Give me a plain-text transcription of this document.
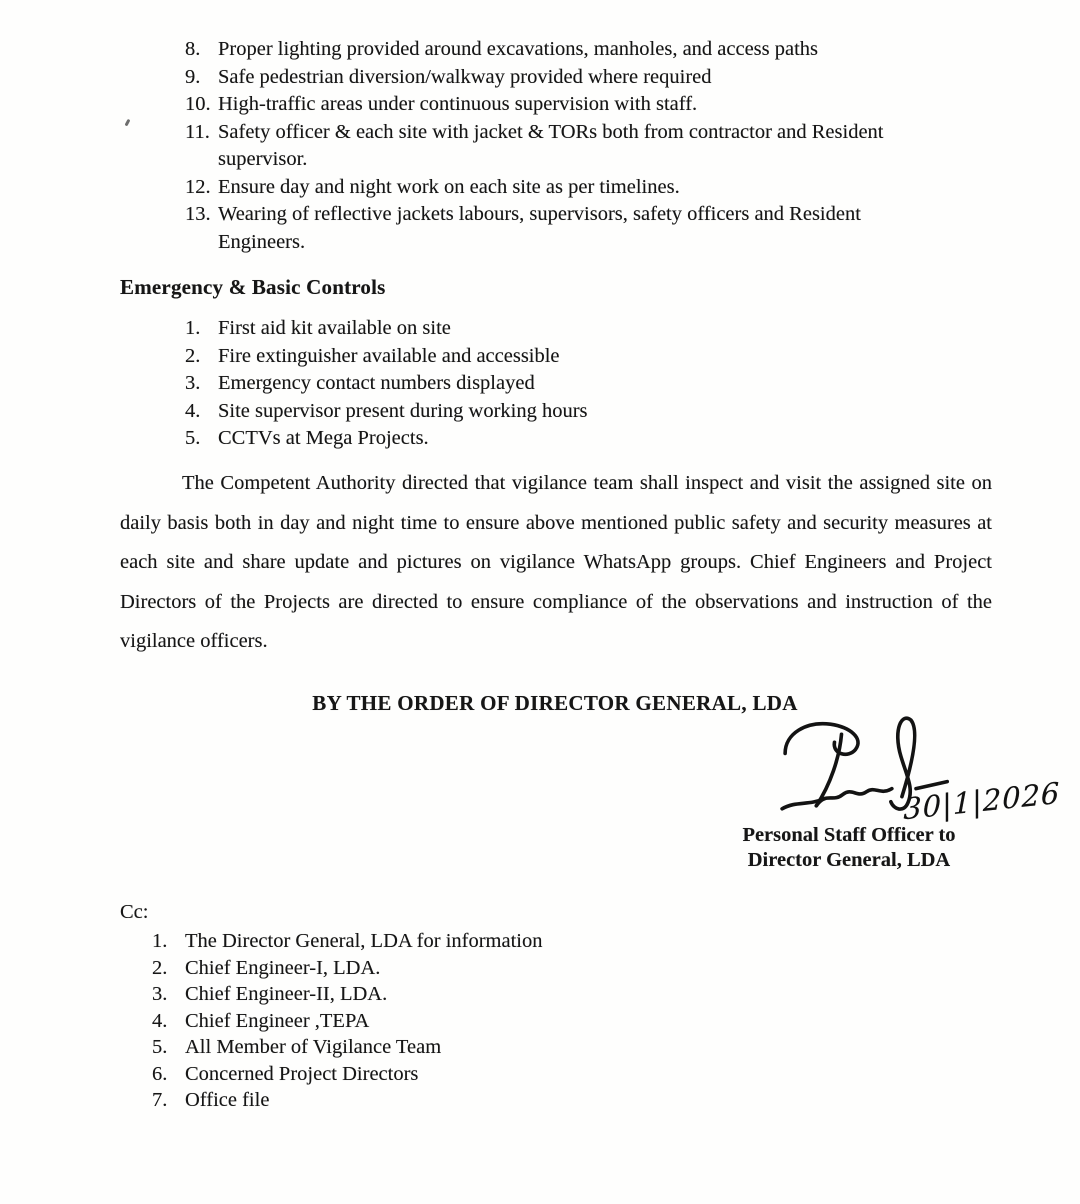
8. Proper lighting provided around excavations, manholes, and access paths
9. Safe pedestrian diversion/walkway provided where required
10. High-traffic areas under continuous supervision with staff.
11. Safety officer & each site with jacket & TORs both from contractor and Resident supervisor.
12. Ensure day and night work on each site as per timelines.
13. Wearing of reflective jackets labours, supervisors, safety officers and Resident Engineers.
Emergency & Basic Controls
1. First aid kit available on site
2. Fire extinguisher available and accessible
3. Emergency contact numbers displayed
4. Site supervisor present during working hours
5. CCTVs at Mega Projects.

The Competent Authority directed that vigilance team shall inspect and visit the assigned site on daily basis both in day and night time to ensure above mentioned public safety and security measures at each site and share update and pictures on vigilance WhatsApp groups. Chief Engineers and Project Directors of the Projects are directed to ensure compliance of the observations and instruction of the vigilance officers.

BY THE ORDER OF DIRECTOR GENERAL, LDA
30|1|2026
Personal Staff Officer to
Director General, LDA
Cc:
1. The Director General, LDA for information
2. Chief Engineer-I, LDA.
3. Chief Engineer-II, LDA.
4. Chief Engineer ,TEPA
5. All Member of Vigilance Team
6. Concerned Project Directors
7. Office file
